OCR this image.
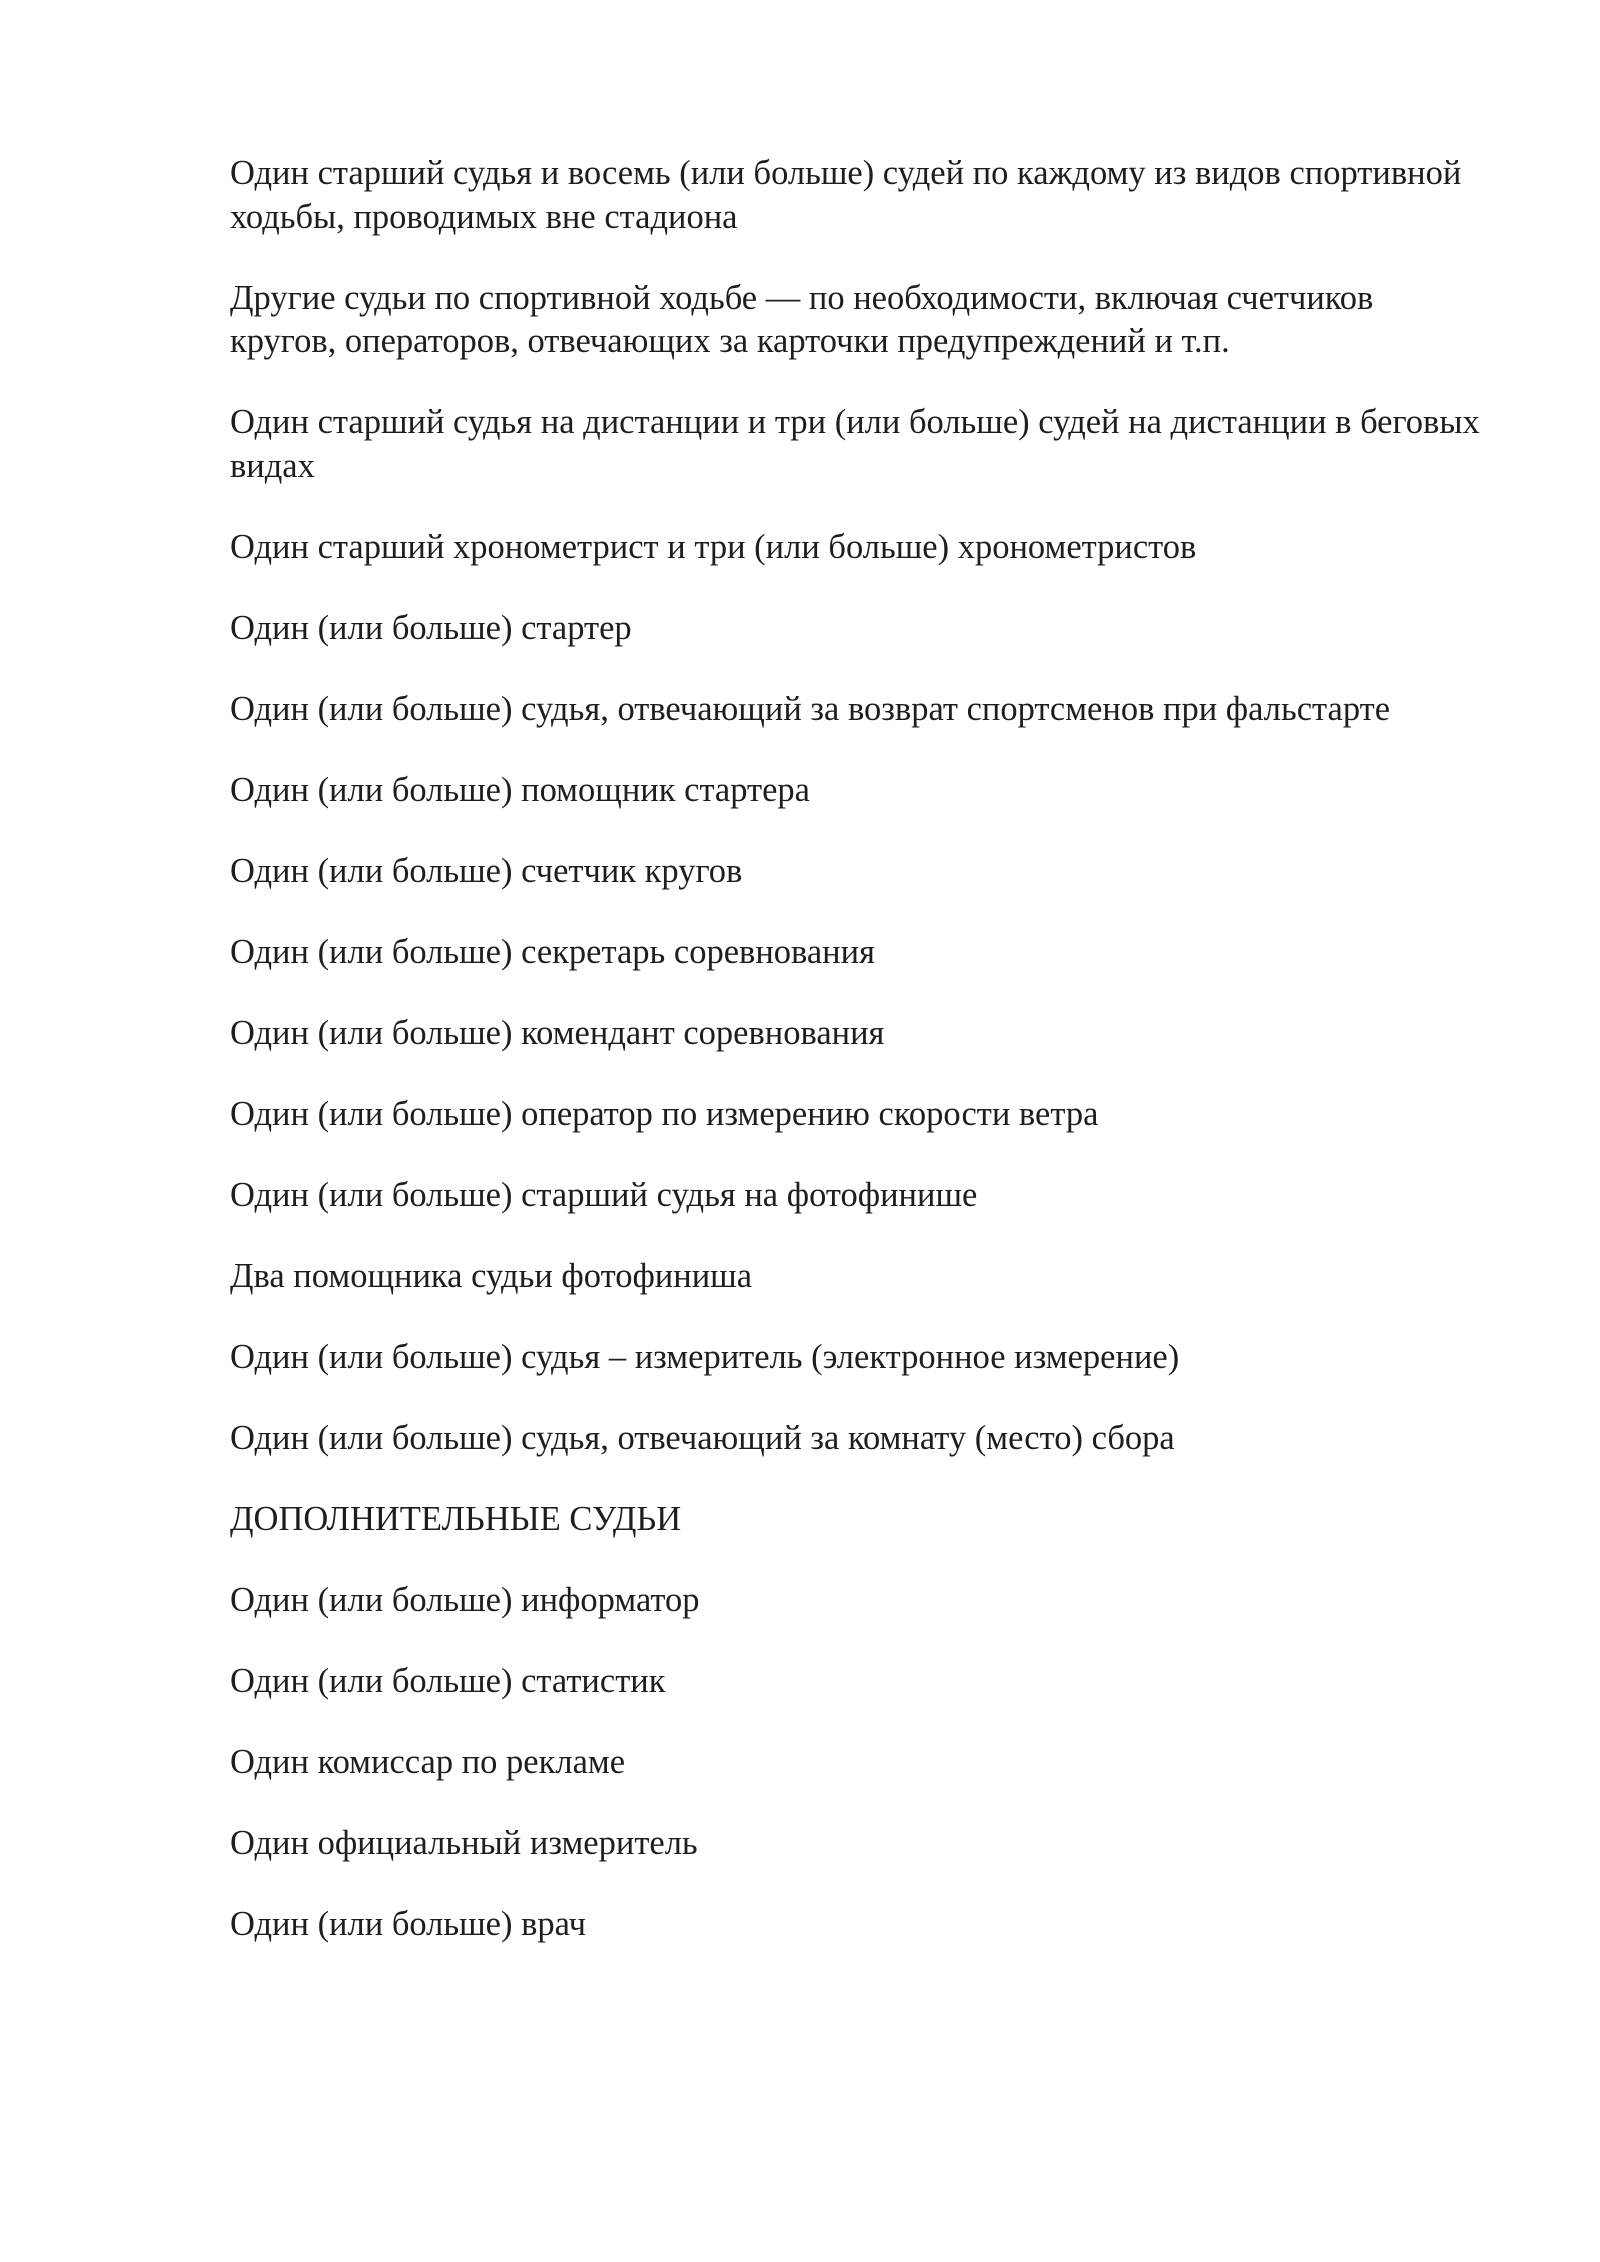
Один старший судья и восемь (или больше) судей по каждому из видов спортивной ходьбы, проводимых вне стадиона

Другие судьи по спортивной ходьбе — по необходимости, включая счетчиков кругов, операторов, отвечающих за карточки предупреждений и т.п.

Один старший судья на дистанции и три (или больше) судей на дистанции в беговых видах

Один старший хронометрист и три (или больше) хронометристов

Один (или больше) стартер

Один (или больше) судья, отвечающий за возврат спортсменов при фальстарте

Один (или больше) помощник стартера

Один (или больше) счетчик кругов

Один (или больше) секретарь соревнования

Один (или больше) комендант соревнования

Один (или больше) оператор по измерению скорости ветра

Один (или больше) старший судья на фотофинише

Два помощника судьи фотофиниша

Один (или больше) судья – измеритель (электронное измерение)

Один (или больше) судья, отвечающий за комнату (место) сбора

ДОПОЛНИТЕЛЬНЫЕ СУДЬИ

Один (или больше) информатор

Один (или больше) статистик

Один комиссар по рекламе

Один официальный измеритель

Один (или больше) врач
